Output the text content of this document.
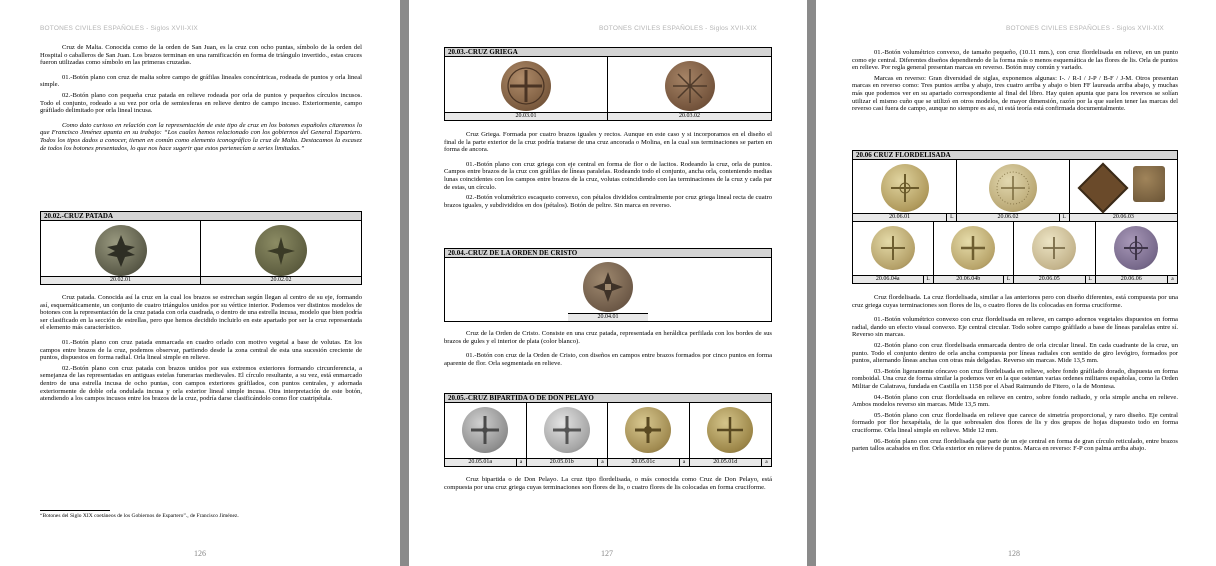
BOTONES CIVILES ESPAÑOLES - Siglos XVII-XIX

Cruz de Malta. Conocida como de la orden de San Juan, es la cruz con ocho puntas, símbolo de la orden del Hospital o caballeros de San Juan. Los brazos terminan en una ramificación en forma de triángulo invertido., estas cruces fueron utilizadas como símbolo en las primeras cruzadas.

01.-Botón plano con cruz de malta sobre campo de gráfilas lineales concéntricas, rodeada de puntos y orla lineal simple.

02.-Botón plano con pequeña cruz patada en relieve rodeada por orla de puntos y pequeños círculos incusos. Todo el conjunto, rodeado a su vez por orla de semiesferas en relieve dentro de campo incuso. Exteriormente, campo gráfilado delimitado por orla lineal incusa.

Como dato curioso en relación con la representación de este tipo de cruz en los botones españoles citaremos lo que Francisco Jiménez apunta en su trabajo: “Los cuales hemos relacionado con los gobiernos del General Espartero. Todos los tipos dados a conocer, tienen en común como elemento iconográfico la cruz de Malta. Destacamos la escasez de todos los botones presentados, lo que nos hace sugerir que estos pertenecían a series limitadas.”

20.02.-CRUZ PATADA
20.02.01	20.02.02

Cruz patada. Conocida así la cruz en la cual los brazos se estrechan según llegan al centro de su eje, formando así, esquemáticamente, un conjunto de cuatro triángulos unidos por su vértice interior. Podemos ver distintos modelos de botones con la representación de la cruz patada con orla cuadrada, o dentro de una estrella incusa, modelo que bien podría ser clasificado en la sección de estrellas, pero que hemos decidido incluirlo en este apartado por ser la cruz representada el elemento más característico.

01.-Botón plano con cruz patada enmarcada en cuadro orlado con motivo vegetal a base de volutas. En los campos entre brazos de la cruz, podemos observar, partiendo desde la zona central de esta una sucesión creciente de puntos, dispuestos en forma radial. Orla lineal simple en relieve.

02.-Botón plano con cruz patada con brazos unidos por sus extremos exteriores formando circunferencia, a semejanza de las representadas en antiguas estelas funerarias medievales. El círculo resultante, a su vez, está enmarcado dentro de una estrella incusa de ocho puntas, con campos exteriores gráfilados, con puntos centrales, y adornada exteriormente de doble orla ondulada incusa y orla exterior lineal simple incusa. Otra interpretación de este botón, atendiendo a los campos incusos entre los brazos de la cruz, podría darse clasificándolo como flor cuatripétala.

“Botones del Siglo XIX coetáneos de los Gobiernos de Espartero”., de Francisco Jiménez.
126
BOTONES CIVILES ESPAÑOLES - Siglos XVII-XIX
20.03.-CRUZ GRIEGA
20.03.01	20.03.02

Cruz Griega. Formada por cuatro brazos iguales y rectos. Aunque en este caso y si incorporamos en el diseño el final de la parte exterior de la cruz podría tratarse de una cruz ancorada o Molina, en la cual sus terminaciones se parten en forma de ancora.

01.-Botón plano con cruz griega con eje central en forma de flor o de lacitos. Rodeando la cruz, orla de puntos. Campos entre brazos de la cruz con gráfilas de líneas paralelas. Rodeando todo el conjunto, ancha orla, conteniendo medias lunas coincidentes con los campos entre brazos de la cruz, volutas coincidiendo con las terminaciones de la cruz y cada par de estas, un círculo.

02.-Botón volumétrico escaqueto convexo, con pétalos divididos centralmente por cruz griega lineal recta de cuatro brazos iguales, y subdivididos en dos (pétalos). Botón de peltre. Sin marca en reverso.

20.04.-CRUZ DE LA ORDEN DE CRISTO
20.04.01

Cruz de la Orden de Cristo. Consiste en una cruz patada, representada en heráldica perfilada con los bordes de sus brazos de gules y el interior de plata (color blanco).

01.-Botón con cruz de la Orden de Cristo, con diseños en campos entre brazos formados por cinco puntos en forma aparente de flor. Orla segmentada en relieve.

20.05.-CRUZ BIPARTIDA O DE DON PELAYO
20.05.01a	a	20.05.01b	a	20.05.01c	a	20.05.01d	a

Cruz bipartida o de Don Pelayo. La cruz tipo flordelisada, o más conocida como Cruz de Don Pelayo, está compuesta por una cruz griega cuyas terminaciones son flores de lis, o cuatro flores de lis colocadas en forma cruciforme.

127
BOTONES CIVILES ESPAÑOLES - Siglos XVII-XIX

01.-Botón volumétrico convexo, de tamaño pequeño, (10.11 mm.), con cruz flordelisada en relieve, en un punto como eje central. Diferentes diseños dependiendo de la forma más o menos esquemática de las flores de lis. Orla de puntos en relieve. Por regla general presentan marcas en reverso. Botón muy común y variado.

Marcas en reverso: Gran diversidad de siglas, exponemos algunas: I-. / R-I / J-P / B-F / J-M. Otros presentan marcas en reverso como: Tres puntos arriba y abajo, tres cuatro arriba y abajo o bien FF laureada arriba abajo, y muchas más que podemos ver en su apartado correspondiente al final del libro. Hay quien apunta que para los reversos se solían utilizar el mismo cuño que se utilizó en otros modelos, de mayor dimensión, razón por la que suelen tener las marcas del reverso casi fuera de campo, aunque no siempre es así, ni está teoría está confirmada documentalmente.

20.06 CRUZ FLORDELISADA
20.06.01	L	20.06.02	L	20.06.03
20.06.04a	L	20.06.04b	L	20.06.05	L	20.06.06	a

Cruz flordelisada. La cruz flordelisada, similar a las anteriores pero con diseño diferentes, está compuesta por una cruz griega cuyas terminaciones son flores de lis, o cuatro flores de lis colocadas en forma cruciforme.

01.-Botón volumétrico convexo con cruz flordelisada en relieve, en campo adornos vegetales dispuestos en forma radial, dando un efecto visual convexo. Eje central circular. Todo sobre campo gráfilado a base de líneas paralelas entre sí. Reverso sin marcas.

02.-Botón plano con cruz flordelisada enmarcada dentro de orla circular lineal. En cada cuadrante de la cruz, un punto. Todo el conjunto dentro de orla ancha compuesta por líneas radiales con sentido de giro levógiro, formados por puntos, alternando líneas anchas con otras más delgadas. Reverso sin marcas. Mide 13,5 mm.

03.-Botón ligeramente cóncavo con cruz flordelisada en relieve, sobre fondo gráfilado dorado, dispuesta en forma romboidal. Una cruz de forma similar la podemos ver en la que ostentan varias ordenes militares españolas, como la Orden Militar de Calatrava, fundada en Castilla en 1158 por el Abad Raimundo de Fitero, o la de Montesa.

04.-Botón plano con cruz flordelisada en relieve en centro, sobre fondo radiado, y orla simple ancha en relieve. Ambos modelos reverso sin marcas. Mide 13,5 mm.

05.-Botón plano con cruz flordelisada en relieve que carece de simetría proporcional, y raro diseño. Eje central formado por flor hexapétala, de la que sobresalen dos flores de lis y dos grupos de hojas dispuesto todo en forma cruciforme. Orla lineal simple en relieve. Mide 12 mm.

06.-Botón plano con cruz flordelisada que parte de un eje central en forma de gran círculo reticulado, entre brazos parten tallos acabados en flor. Orla exterior en relieve de puntos. Marca en reverso: F-P con palma arriba abajo.

128
